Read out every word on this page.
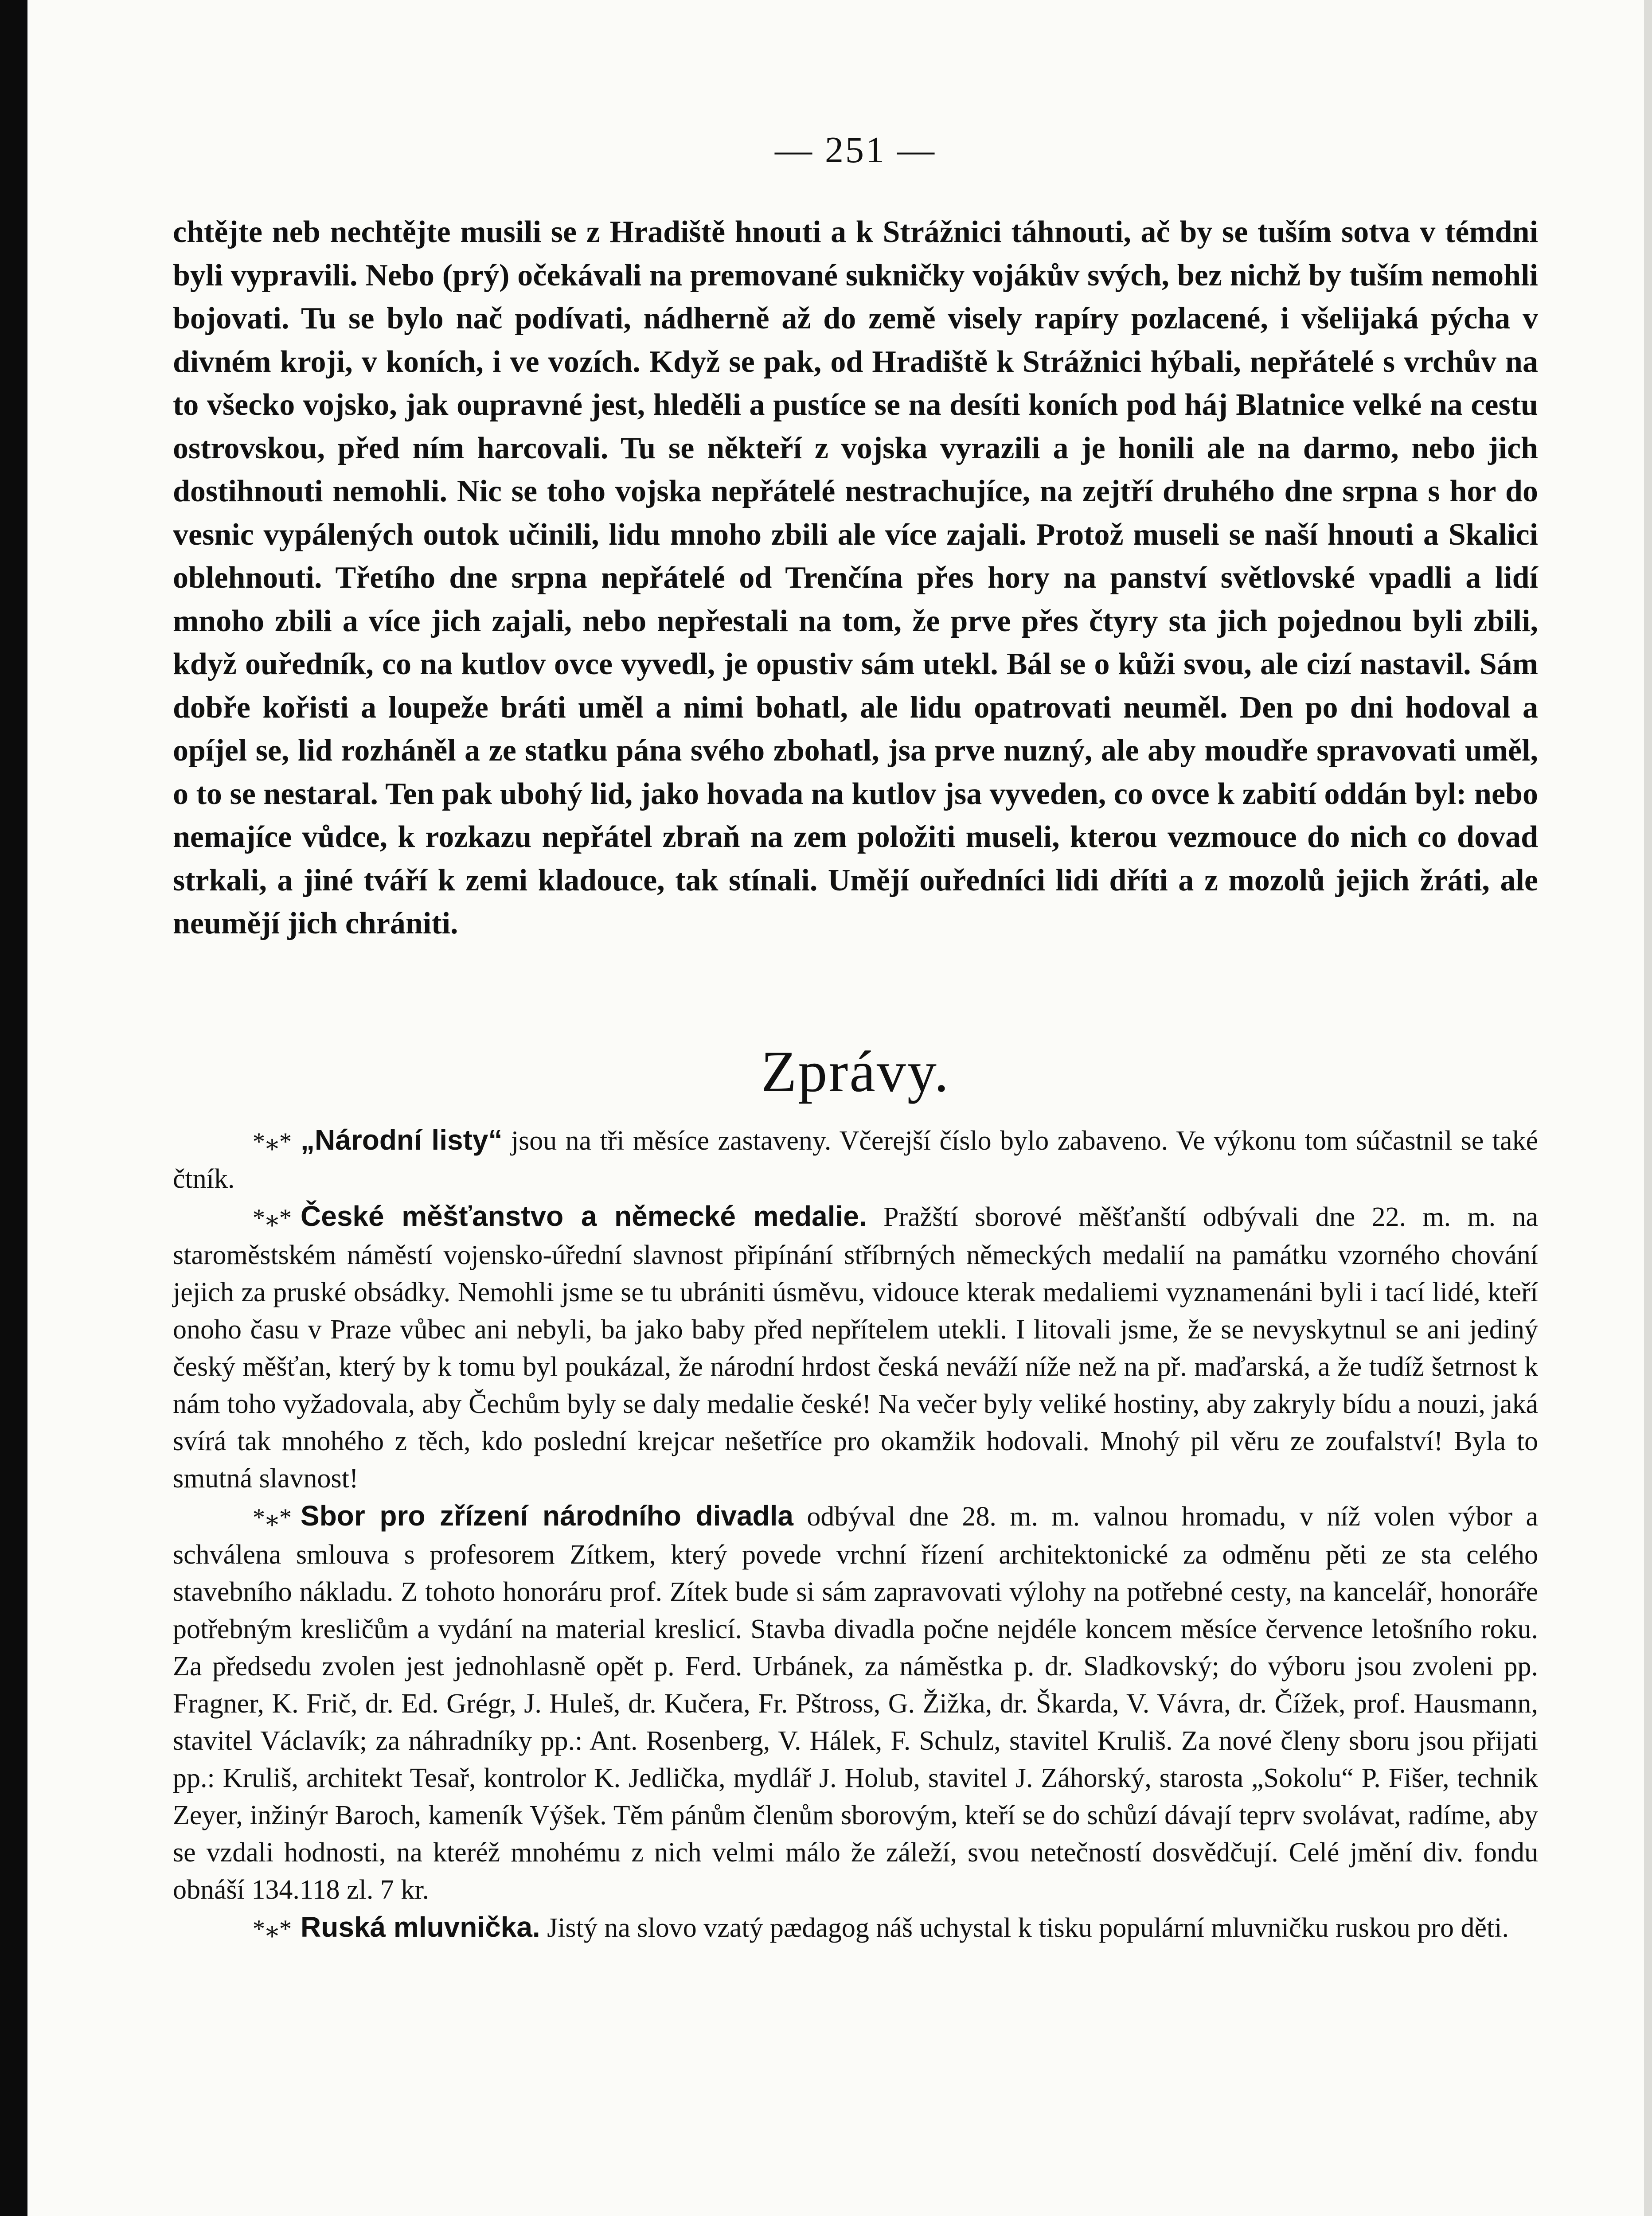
— 251 —

chtějte neb nechtějte musili se z Hradiště hnouti a k Strážnici táhnouti, ač by se tuším sotva v témdni byli vypravili. Nebo (prý) očekávali na premované sukničky vojákův svých, bez nichž by tuším nemohli bojovati. Tu se bylo nač podívati, nádherně až do země visely rapíry pozlacené, i všelijaká pýcha v divném kroji, v koních, i ve vozích. Když se pak, od Hradiště k Strážnici hýbali, nepřátelé s vrchův na to všecko vojsko, jak oupravné jest, hleděli a pustíce se na desíti koních pod háj Blatnice velké na cestu ostrovskou, před ním harcovali. Tu se někteří z vojska vyrazili a je honili ale na darmo, nebo jich dostihnouti nemohli. Nic se toho vojska nepřátelé nestrachujíce, na zejtří druhého dne srpna s hor do vesnic vypálených outok učinili, lidu mnoho zbili ale více zajali. Protož museli se naší hnouti a Skalici oblehnouti. Třetího dne srpna nepřátelé od Trenčína přes hory na panství světlovské vpadli a lidí mnoho zbili a více jich zajali, nebo nepřestali na tom, že prve přes čtyry sta jich pojednou byli zbili, když ouředník, co na kutlov ovce vyvedl, je opustiv sám utekl. Bál se o kůži svou, ale cizí nastavil. Sám dobře kořisti a loupeže bráti uměl a nimi bohatl, ale lidu opatrovati neuměl. Den po dni hodoval a opíjel se, lid rozháněl a ze statku pána svého zbohatl, jsa prve nuzný, ale aby moudře spravovati uměl, o to se nestaral. Ten pak ubohý lid, jako hovada na kutlov jsa vyveden, co ovce k zabití oddán byl: nebo nemajíce vůdce, k rozkazu nepřátel zbraň na zem položiti museli, kterou vezmouce do nich co dovad strkali, a jiné tváří k zemi kladouce, tak stínali. Umějí ouředníci lidi dříti a z mozolů jejich žráti, ale neumějí jich chrániti.

Zprávy.

*⁎* „Národní listy“ jsou na tři měsíce zastaveny. Včerejší číslo bylo zabaveno. Ve výkonu tom súčastnil se také čtník.

*⁎* České měšťanstvo a německé medalie. Pražští sborové měšťanští odbývali dne 22. m. m. na staroměstském náměstí vojensko-úřední slavnost připínání stříbrných německých medalií na památku vzorného chování jejich za pruské obsádky. Nemohli jsme se tu ubrániti úsměvu, vidouce kterak medaliemi vyznamenáni byli i tací lidé, kteří onoho času v Praze vůbec ani nebyli, ba jako baby před nepřítelem utekli. I litovali jsme, že se nevyskytnul se ani jediný český měšťan, který by k tomu byl poukázal, že národní hrdost česká neváží níže než na př. maďarská, a že tudíž šetrnost k nám toho vyžadovala, aby Čechům byly se daly medalie české! Na večer byly veliké hostiny, aby zakryly bídu a nouzi, jaká svírá tak mnohého z těch, kdo poslední krejcar nešetříce pro okamžik hodovali. Mnohý pil věru ze zoufalství! Byla to smutná slavnost!

*⁎* Sbor pro zřízení národního divadla odbýval dne 28. m. m. valnou hromadu, v níž volen výbor a schválena smlouva s profesorem Zítkem, který povede vrchní řízení architektonické za odměnu pěti ze sta celého stavebního nákladu. Z tohoto honoráru prof. Zítek bude si sám zapravovati výlohy na potřebné cesty, na kancelář, honoráře potřebným kresličům a vydání na material kreslicí. Stavba divadla počne nejdéle koncem měsíce července letošního roku. Za předsedu zvolen jest jednohlasně opět p. Ferd. Urbánek, za náměstka p. dr. Sladkovský; do výboru jsou zvoleni pp. Fragner, K. Frič, dr. Ed. Grégr, J. Huleš, dr. Kučera, Fr. Pštross, G. Žižka, dr. Škarda, V. Vávra, dr. Čížek, prof. Hausmann, stavitel Václavík; za náhradníky pp.: Ant. Rosenberg, V. Hálek, F. Schulz, stavitel Kruliš. Za nové členy sboru jsou přijati pp.: Kruliš, architekt Tesař, kontrolor K. Jedlička, mydlář J. Holub, stavitel J. Záhorský, starosta „Sokolu“ P. Fišer, technik Zeyer, inžinýr Baroch, kameník Výšek. Těm pánům členům sborovým, kteří se do schůzí dávají teprv svolávat, radíme, aby se vzdali hodnosti, na kteréž mnohému z nich velmi málo že záleží, svou netečností dosvědčují. Celé jmění div. fondu obnáší 134.118 zl. 7 kr.

*⁎* Ruská mluvnička. Jistý na slovo vzatý pædagog náš uchystal k tisku populární mluvničku ruskou pro děti.
